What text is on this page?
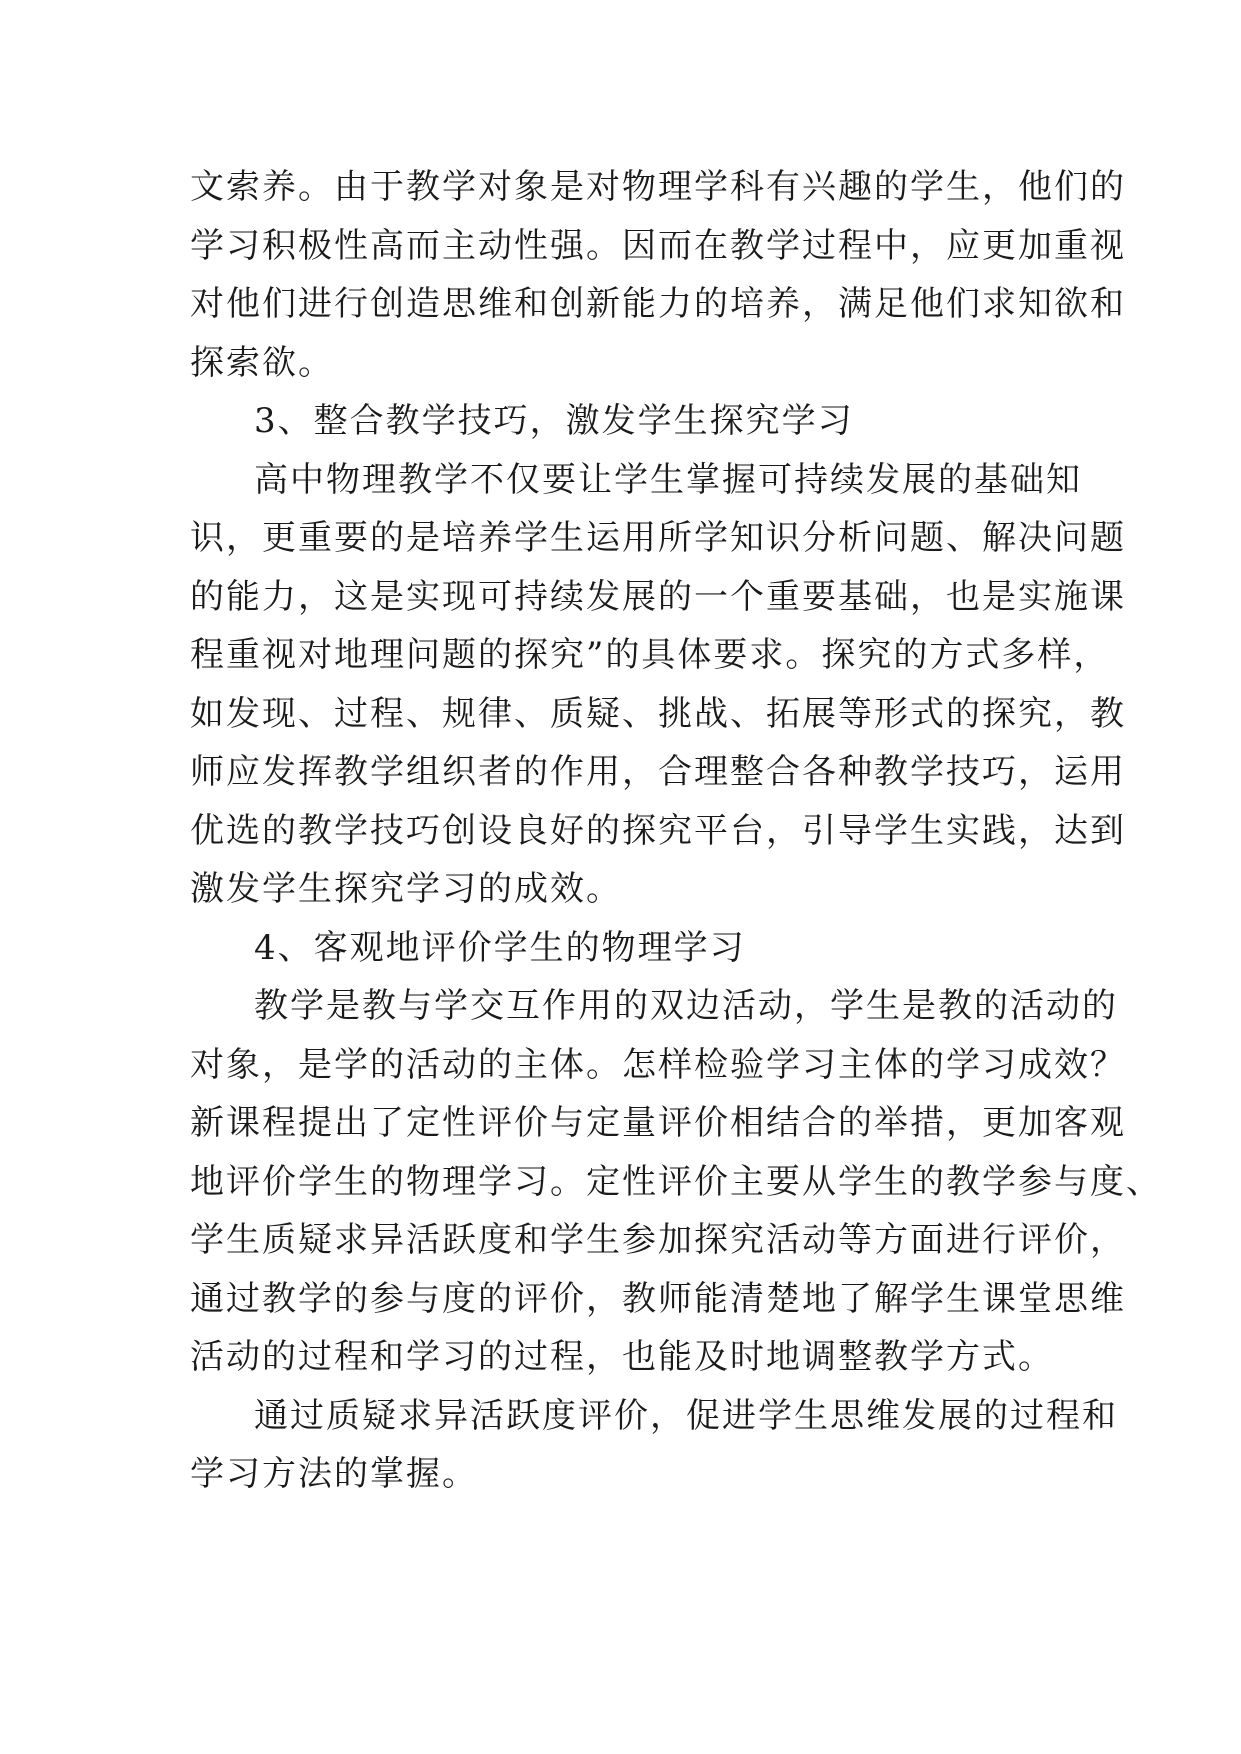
文索养。由于教学对象是对物理学科有兴趣的学生，他们的
学习积极性高而主动性强。因而在教学过程中，应更加重视
对他们进行创造思维和创新能力的培养，满足他们求知欲和
探索欲。
3、整合教学技巧，激发学生探究学习
高中物理教学不仅要让学生掌握可持续发展的基础知
识，更重要的是培养学生运用所学知识分析问题、解决问题
的能力，这是实现可持续发展的一个重要基础，也是实施课
程重视对地理问题的探究”的具体要求。探究的方式多样，
如发现、过程、规律、质疑、挑战、拓展等形式的探究，教
师应发挥教学组织者的作用，合理整合各种教学技巧，运用
优选的教学技巧创设良好的探究平台，引导学生实践，达到
激发学生探究学习的成效。
4、客观地评价学生的物理学习
教学是教与学交互作用的双边活动，学生是教的活动的
对象，是学的活动的主体。怎样检验学习主体的学习成效？
新课程提出了定性评价与定量评价相结合的举措，更加客观
地评价学生的物理学习。定性评价主要从学生的教学参与度、
学生质疑求异活跃度和学生参加探究活动等方面进行评价，
通过教学的参与度的评价，教师能清楚地了解学生课堂思维
活动的过程和学习的过程，也能及时地调整教学方式。
通过质疑求异活跃度评价，促进学生思维发展的过程和
学习方法的掌握。
